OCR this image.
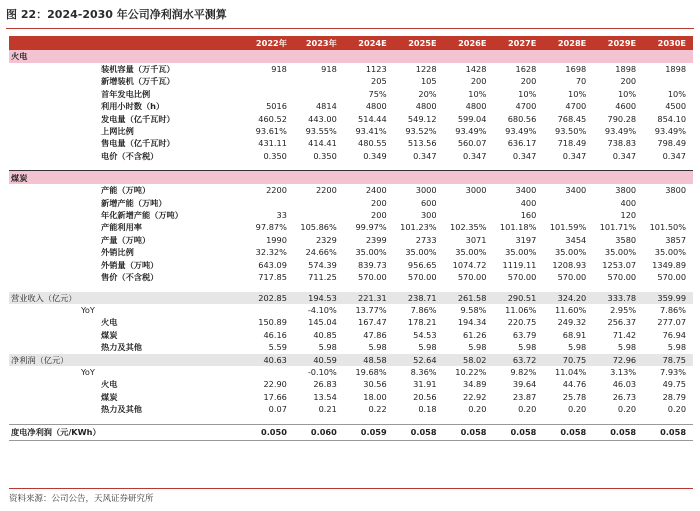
图 22：2024-2030 年公司净利润水平测算
			2022年	2023年	2024E	2025E	2026E	2027E	2028E	2029E	2030E
火电											
		装机容量（万千瓦）	918	918	1123	1228	1428	1628	1698	1898	1898
		新增装机（万千瓦）			205	105	200	200	70	200	
		首年发电比例			75%	20%	10%	10%	10%	10%	10%
		利用小时数（h）	5016	4814	4800	4800	4800	4700	4700	4600	4500
		发电量（亿千瓦时）	460.52	443.00	514.44	549.12	599.04	680.56	768.45	790.28	854.10
		上网比例	93.61%	93.55%	93.41%	93.52%	93.49%	93.49%	93.50%	93.49%	93.49%
		售电量（亿千瓦时）	431.11	414.41	480.55	513.56	560.07	636.17	718.49	738.83	798.49
		电价（不含税）	0.350	0.350	0.349	0.347	0.347	0.347	0.347	0.347	0.347

煤炭											
		产能（万吨）	2200	2200	2400	3000	3000	3400	3400	3800	3800
		新增产能（万吨）			200	600		400		400	
		年化新增产能（万吨）	33		200	300		160		120	
		产能利用率	97.87%	105.86%	99.97%	101.23%	102.35%	101.18%	101.59%	101.71%	101.50%
		产量（万吨）	1990	2329	2399	2733	3071	3197	3454	3580	3857
		外销比例	32.32%	24.66%	35.00%	35.00%	35.00%	35.00%	35.00%	35.00%	35.00%
		外销量（万吨）	643.09	574.39	839.73	956.65	1074.72	1119.11	1208.93	1253.07	1349.89
		售价（不含税）	717.85	711.25	570.00	570.00	570.00	570.00	570.00	570.00	570.00

营业收入（亿元）			202.85	194.53	221.31	238.71	261.58	290.51	324.20	333.78	359.99
	YoY			-4.10%	13.77%	7.86%	9.58%	11.06%	11.60%	2.95%	7.86%
		火电	150.89	145.04	167.47	178.21	194.34	220.75	249.32	256.37	277.07
		煤炭	46.16	40.85	47.86	54.53	61.26	63.79	68.91	71.42	76.94
		热力及其他	5.59	5.98	5.98	5.98	5.98	5.98	5.98	5.98	5.98
净利润（亿元）			40.63	40.59	48.58	52.64	58.02	63.72	70.75	72.96	78.75
	YoY			-0.10%	19.68%	8.36%	10.22%	9.82%	11.04%	3.13%	7.93%
		火电	22.90	26.83	30.56	31.91	34.89	39.64	44.76	46.03	49.75
		煤炭	17.66	13.54	18.00	20.56	22.92	23.87	25.78	26.73	28.79
		热力及其他	0.07	0.21	0.22	0.18	0.20	0.20	0.20	0.20	0.20

度电净利润（元/KWh）			0.050	0.060	0.059	0.058	0.058	0.058	0.058	0.058	0.058
资料来源：公司公告，天风证券研究所
